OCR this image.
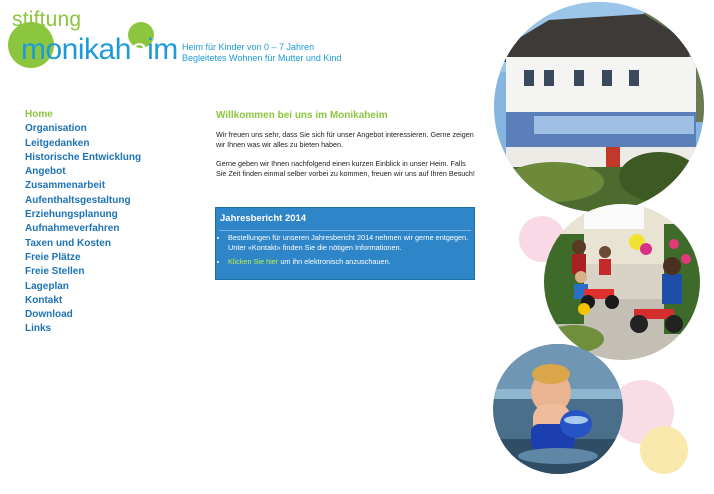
stiftung
monikaheim Heim für Kinder von 0 – 7 Jahren
Begleitetes Wohnen für Mutter und Kind
Home
Organisation
Leitgedanken
Historische Entwicklung
Angebot
Zusammenarbeit
Aufenthaltsgestaltung
Erziehungsplanung
Aufnahmeverfahren
Taxen und Kosten
Freie Plätze
Freie Stellen
Lageplan
Kontakt
Download
Links
Willkommen bei uns im Monikaheim
Wir freuen uns sehr, dass Sie sich für unser Angebot interessieren. Gerne zeigen wir Ihnen was wir alles zu bieten haben.
Gerne geben wir Ihnen nachfolgend einen kurzen Einblick in unser Heim. Falls Sie Zeit finden einmal selber vorbei zu kommen, freuen wir uns auf Ihren Besuch!
Jahresbericht 2014
• Bestellungen für unseren Jahresbericht 2014 nehmen wir gerne entgegen. Unter «Kontakt» finden Sie die nötigen Informationen.
• Klicken Sie hier um ihn elektronisch anzuschauen.
